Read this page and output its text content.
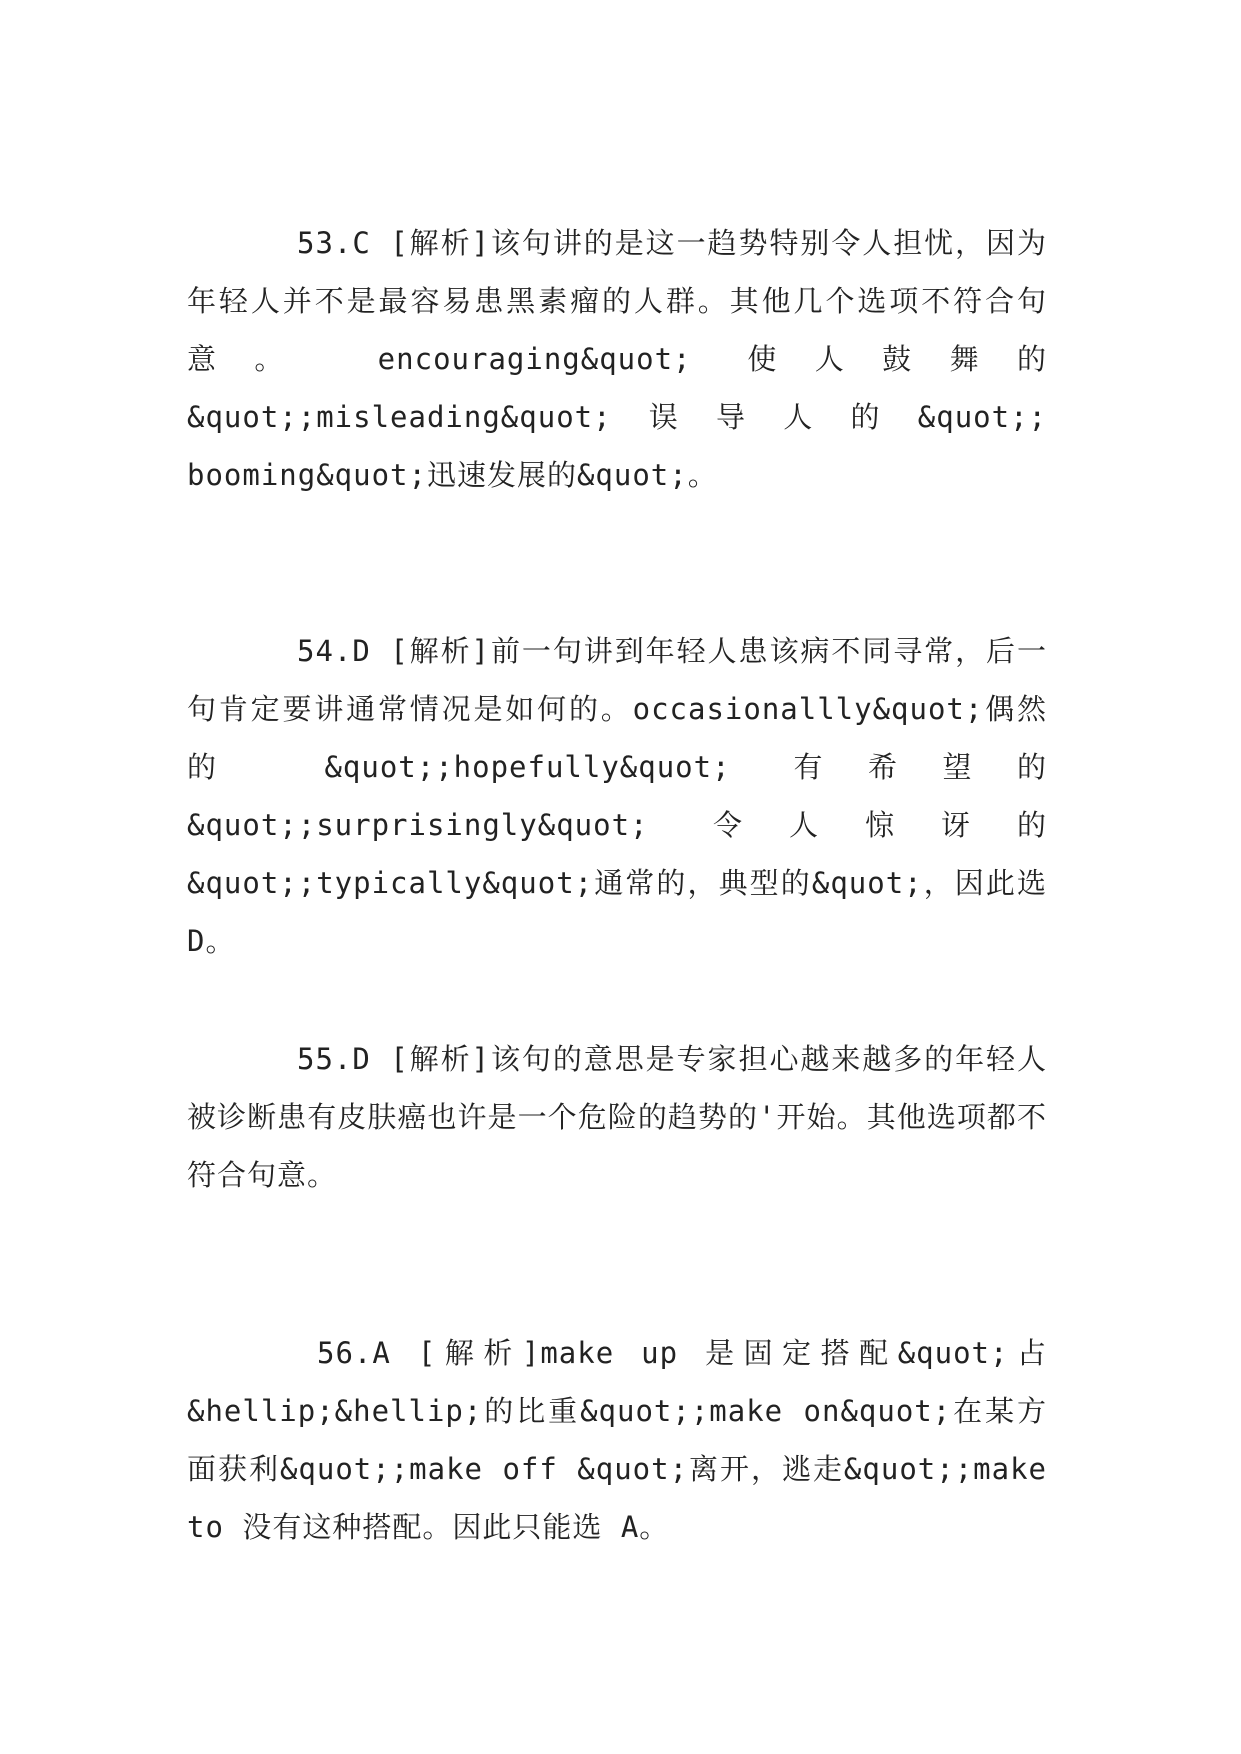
53.C [解析]该句讲的是这一趋势特别令人担忧，因为年轻人并不是最容易患黑素瘤的人群。其他几个选项不符合句意。 encouraging&quot; 使人鼓舞的&quot;;misleading&quot;误导人的&quot;; booming&quot;迅速发展的&quot;。
54.D [解析]前一句讲到年轻人患该病不同寻常，后一句肯定要讲通常情况是如何的。occasionallly&quot;偶然的 &quot;;hopefully&quot; 有希望的&quot;;surprisingly&quot; 令人惊讶的&quot;;typically&quot;通常的，典型的&quot;，因此选 D。
55.D [解析]该句的意思是专家担心越来越多的年轻人被诊断患有皮肤癌也许是一个危险的趋势的'开始。其他选项都不符合句意。
56.A [解析]make up 是固定搭配&quot;占&hellip;&hellip;的比重&quot;;make on&quot;在某方面获利&quot;;make off &quot;离开，逃走&quot;;make to 没有这种搭配。因此只能选 A。
